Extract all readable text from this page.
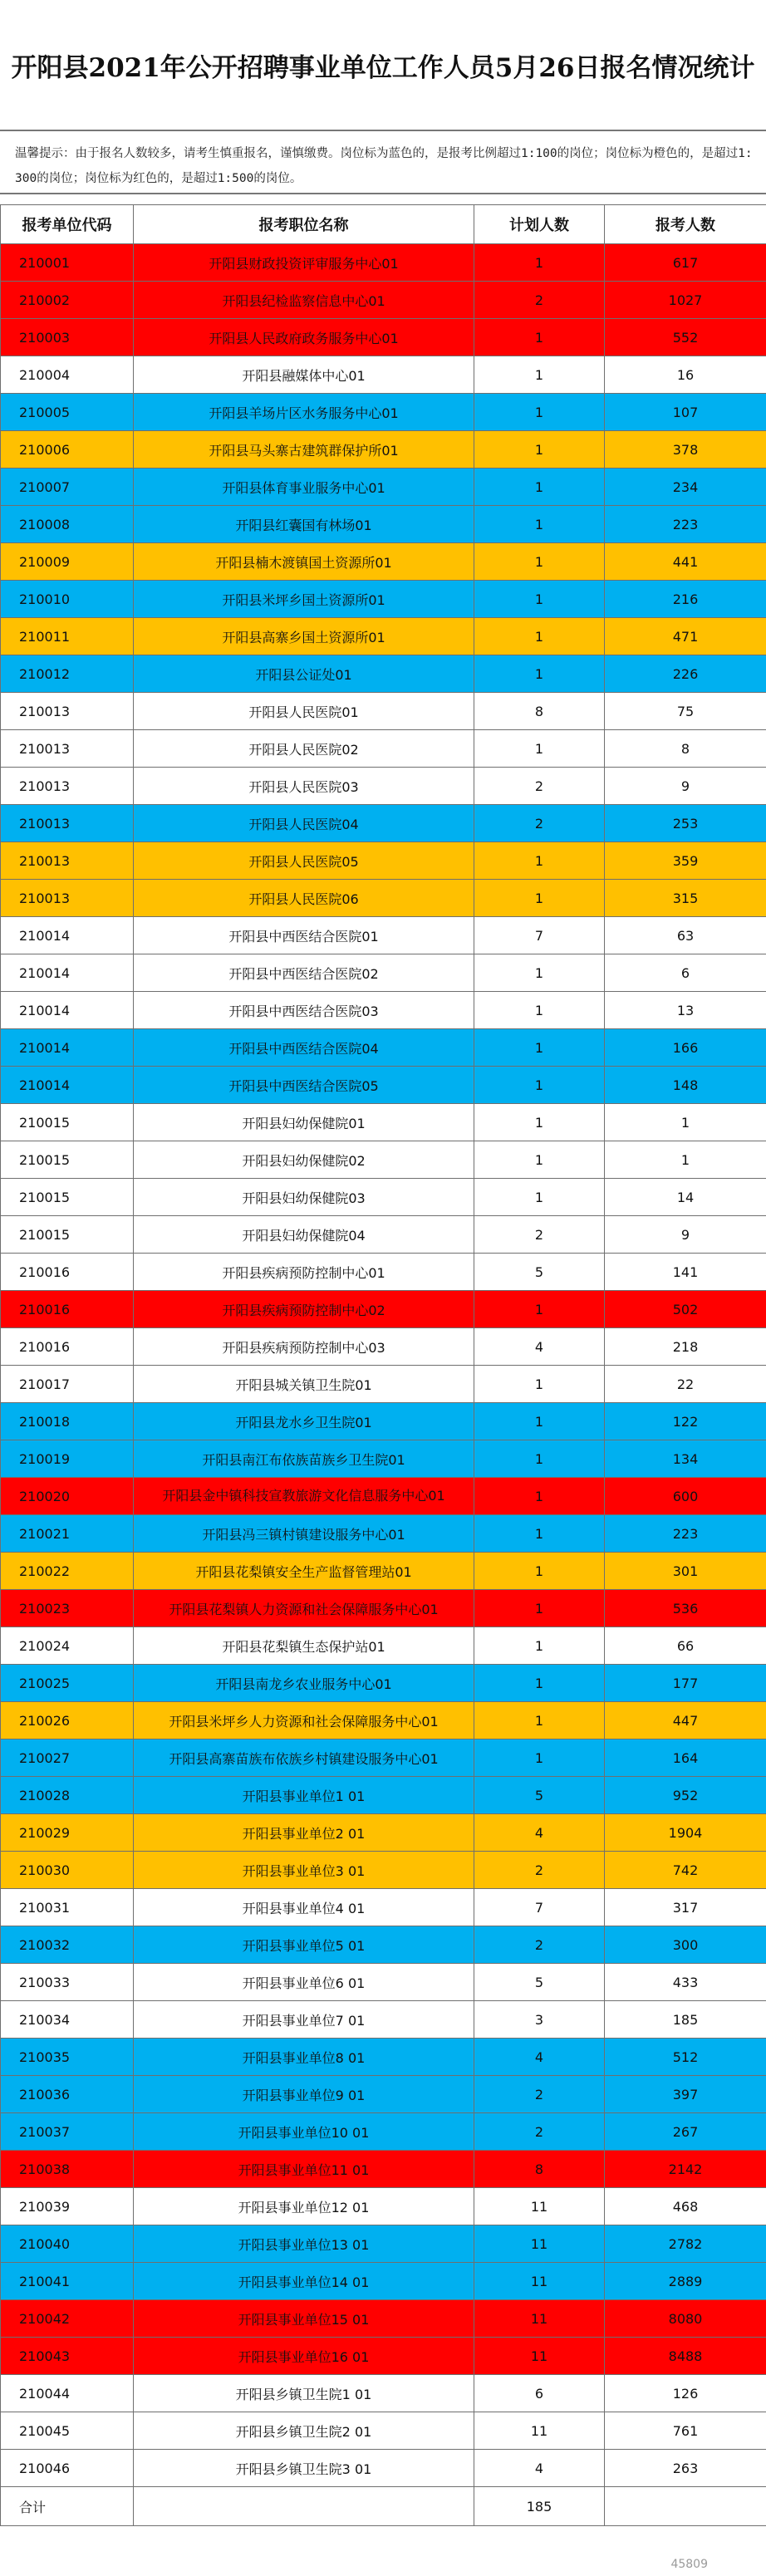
开阳县2021年公开招聘事业单位工作人员5月26日报名情况统计
温馨提示：由于报名人数较多，请考生慎重报名，谨慎缴费。岗位标为蓝色的，是报考比例超过1:100的岗位；岗位标为橙色的，是超过1:300的岗位；岗位标为红色的，是超过1:500的岗位。
报考单位代码	报考职位名称	计划人数	报考人数
210001	开阳县财政投资评审服务中心01	1	617
210002	开阳县纪检监察信息中心01	2	1027
210003	开阳县人民政府政务服务中心01	1	552
210004	开阳县融媒体中心01	1	16
210005	开阳县羊场片区水务服务中心01	1	107
210006	开阳县马头寨古建筑群保护所01	1	378
210007	开阳县体育事业服务中心01	1	234
210008	开阳县红囊国有林场01	1	223
210009	开阳县楠木渡镇国土资源所01	1	441
210010	开阳县米坪乡国土资源所01	1	216
210011	开阳县高寨乡国土资源所01	1	471
210012	开阳县公证处01	1	226
210013	开阳县人民医院01	8	75
210013	开阳县人民医院02	1	8
210013	开阳县人民医院03	2	9
210013	开阳县人民医院04	2	253
210013	开阳县人民医院05	1	359
210013	开阳县人民医院06	1	315
210014	开阳县中西医结合医院01	7	63
210014	开阳县中西医结合医院02	1	6
210014	开阳县中西医结合医院03	1	13
210014	开阳县中西医结合医院04	1	166
210014	开阳县中西医结合医院05	1	148
210015	开阳县妇幼保健院01	1	1
210015	开阳县妇幼保健院02	1	1
210015	开阳县妇幼保健院03	1	14
210015	开阳县妇幼保健院04	2	9
210016	开阳县疾病预防控制中心01	5	141
210016	开阳县疾病预防控制中心02	1	502
210016	开阳县疾病预防控制中心03	4	218
210017	开阳县城关镇卫生院01	1	22
210018	开阳县龙水乡卫生院01	1	122
210019	开阳县南江布依族苗族乡卫生院01	1	134
210020	开阳县金中镇科技宣教旅游文化信息服务中心01	1	600
210021	开阳县冯三镇村镇建设服务中心01	1	223
210022	开阳县花梨镇安全生产监督管理站01	1	301
210023	开阳县花梨镇人力资源和社会保障服务中心01	1	536
210024	开阳县花梨镇生态保护站01	1	66
210025	开阳县南龙乡农业服务中心01	1	177
210026	开阳县米坪乡人力资源和社会保障服务中心01	1	447
210027	开阳县高寨苗族布依族乡村镇建设服务中心01	1	164
210028	开阳县事业单位1 01	5	952
210029	开阳县事业单位2 01	4	1904
210030	开阳县事业单位3 01	2	742
210031	开阳县事业单位4 01	7	317
210032	开阳县事业单位5 01	2	300
210033	开阳县事业单位6 01	5	433
210034	开阳县事业单位7 01	3	185
210035	开阳县事业单位8 01	4	512
210036	开阳县事业单位9 01	2	397
210037	开阳县事业单位10 01	2	267
210038	开阳县事业单位11 01	8	2142
210039	开阳县事业单位12 01	11	468
210040	开阳县事业单位13 01	11	2782
210041	开阳县事业单位14 01	11	2889
210042	开阳县事业单位15 01	11	8080
210043	开阳县事业单位16 01	11	8488
210044	开阳县乡镇卫生院1 01	6	126
210045	开阳县乡镇卫生院2 01	11	761
210046	开阳县乡镇卫生院3 01	4	263
合计		185	
45809
